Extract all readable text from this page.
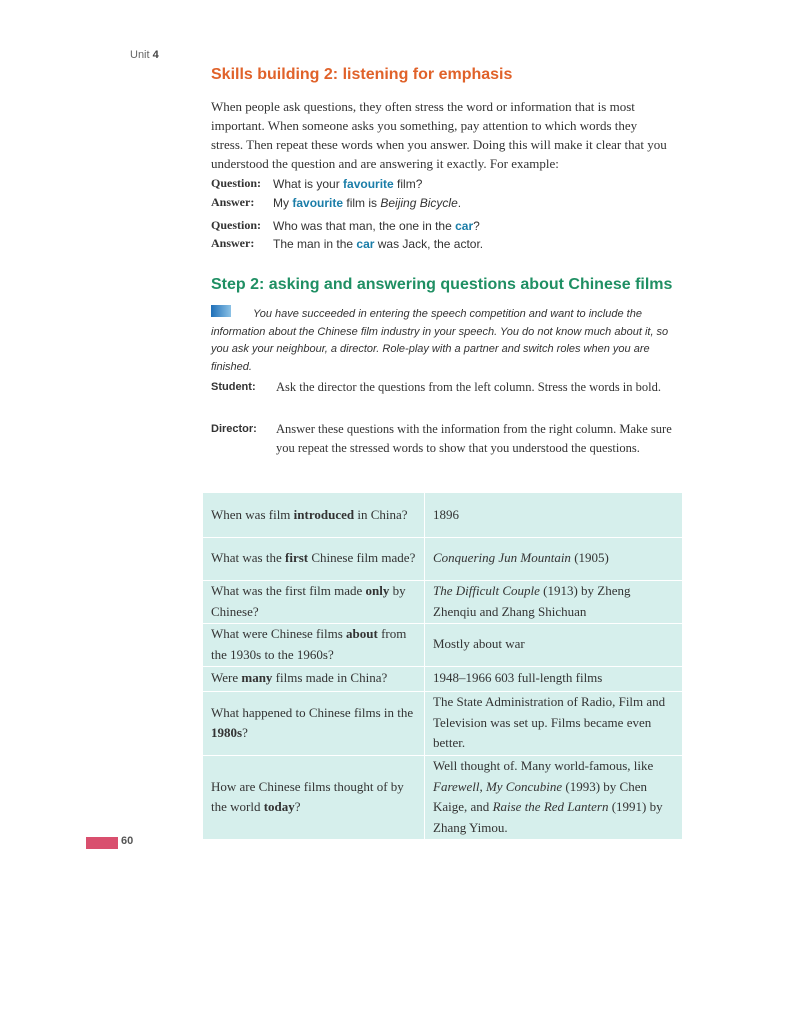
Unit 4
Skills building 2: listening for emphasis
When people ask questions, they often stress the word or information that is most important. When someone asks you something, pay attention to which words they stress. Then repeat these words when you answer. Doing this will make it clear that you understood the question and are answering it exactly. For example:
Question: What is your favourite film?
Answer: My favourite film is Beijing Bicycle.
Question: Who was that man, the one in the car?
Answer: The man in the car was Jack, the actor.
Step 2: asking and answering questions about Chinese films
You have succeeded in entering the speech competition and want to include the information about the Chinese film industry in your speech. You do not know much about it, so you ask your neighbour, a director. Role-play with a partner and switch roles when you are finished.
Student: Ask the director the questions from the left column. Stress the words in bold.
Director: Answer these questions with the information from the right column. Make sure you repeat the stressed words to show that you understood the questions.
When was film introduced in China?	1896
What was the first Chinese film made?	Conquering Jun Mountain (1905)
What was the first film made only by Chinese?	The Difficult Couple (1913) by Zheng Zhenqiu and Zhang Shichuan
What were Chinese films about from the 1930s to the 1960s?	Mostly about war
Were many films made in China?	1948–1966 603 full-length films
What happened to Chinese films in the 1980s?	The State Administration of Radio, Film and Television was set up. Films became even better.
How are Chinese films thought of by the world today?	Well thought of. Many world-famous, like Farewell, My Concubine (1993) by Chen Kaige, and Raise the Red Lantern (1991) by Zhang Yimou.
60
